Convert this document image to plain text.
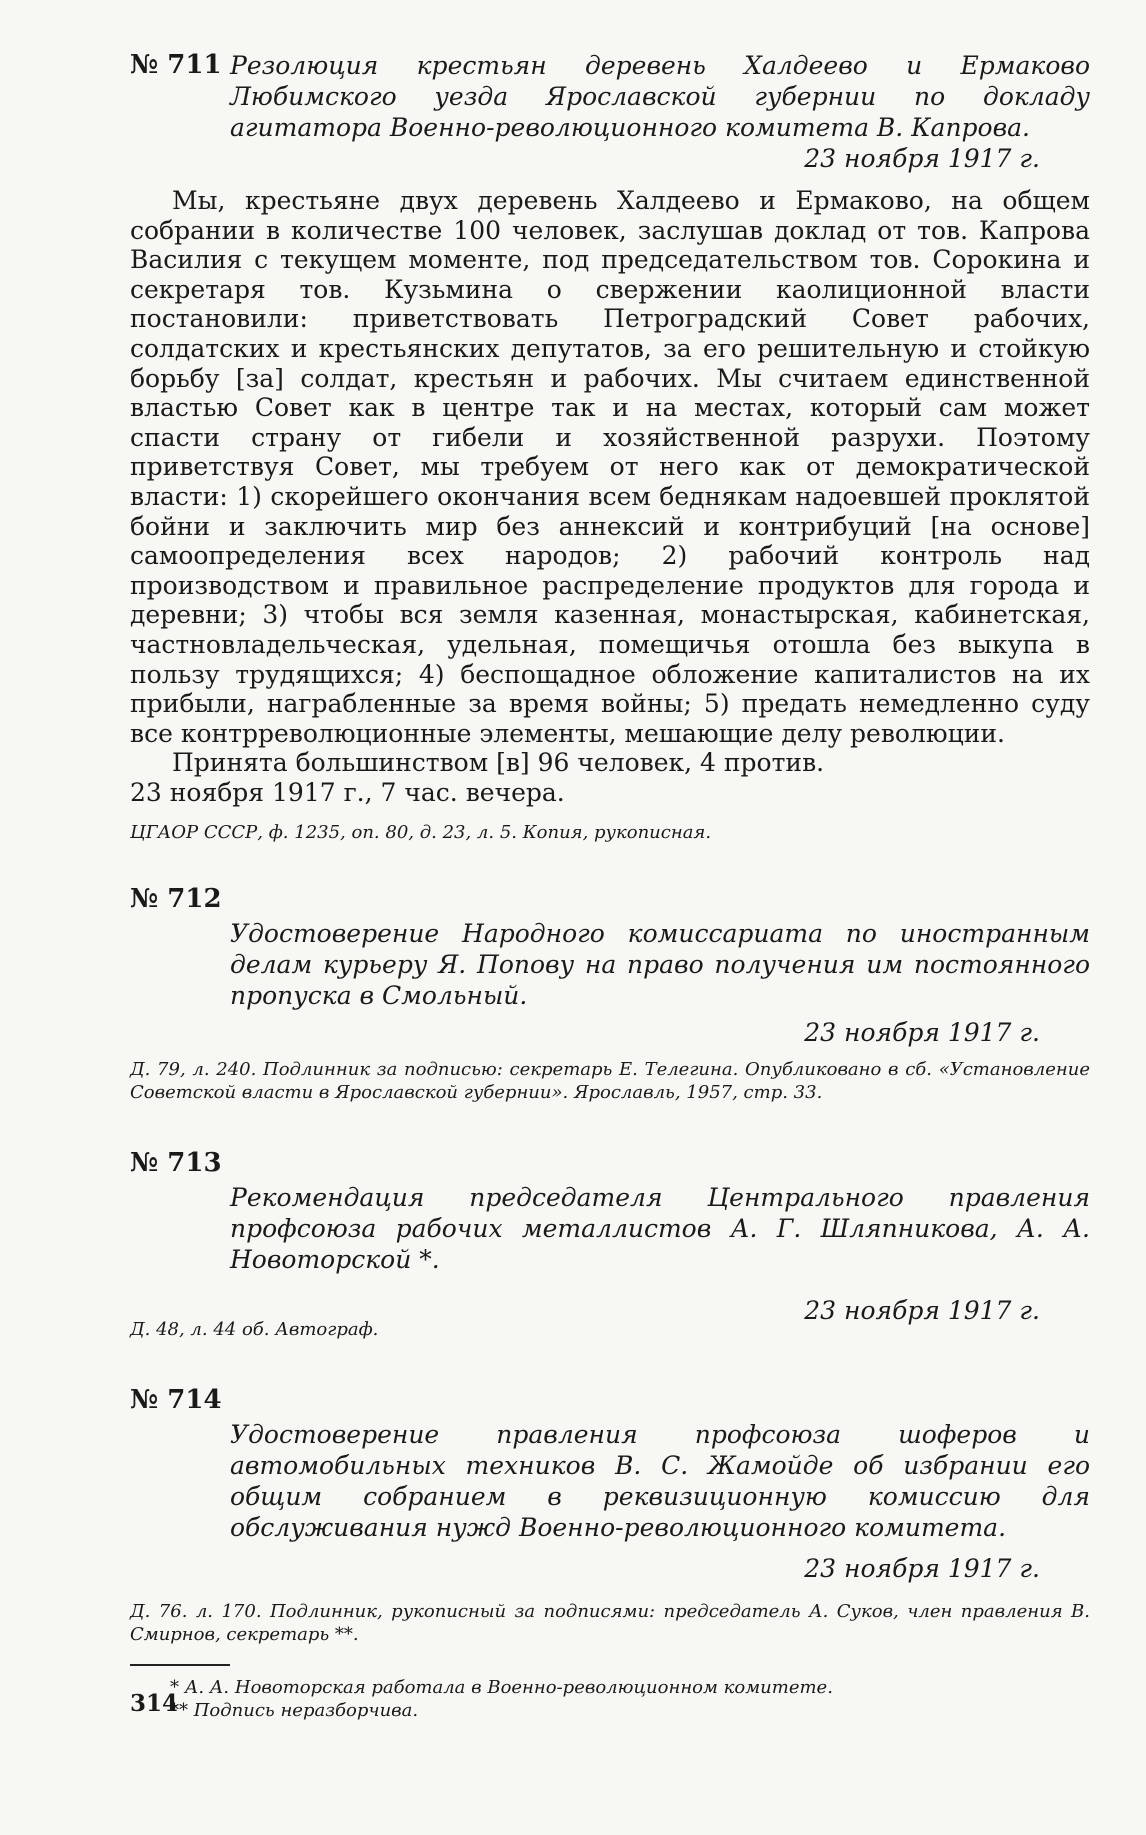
№ 711 Резолюция крестьян деревень Халдеево и Ермаково Любимского уезда Ярославской губернии по докладу агитатора Военно-революционного комитета В. Капрова.
23 ноября 1917 г.

Мы, крестьяне двух деревень Халдеево и Ермаково, на общем собрании в количестве 100 человек, заслушав доклад от тов. Капрова Василия с текущем моменте, под председательством тов. Сорокина и секретаря тов. Кузьмина о свержении каолиционной власти постановили: приветствовать Петроградский Совет рабочих, солдатских и крестьянских депутатов, за его решительную и стойкую борьбу [за] солдат, крестьян и рабочих. Мы считаем единственной властью Совет как в центре так и на местах, который сам может спасти страну от гибели и хозяйственной разрухи. Поэтому приветствуя Совет, мы требуем от него как от демократической власти: 1) скорейшего окончания всем беднякам надоевшей проклятой бойни и заключить мир без аннексий и контрибуций [на основе] самоопределения всех народов; 2) рабочий контроль над производством и правильное распределение продуктов для города и деревни; 3) чтобы вся земля казенная, монастырская, кабинетская, частновладельческая, удельная, помещичья отошла без выкупа в пользу трудящихся; 4) беспощадное обложение капиталистов на их прибыли, награбленные за время войны; 5) предать немедленно суду все контрреволюционные элементы, мешающие делу революции.

Принята большинством [в] 96 человек, 4 против.

23 ноября 1917 г., 7 час. вечера.
ЦГАОР СССР, ф. 1235, оп. 80, д. 23, л. 5. Копия, рукописная.
№ 712
Удостоверение Народного комиссариата по иностранным делам курьеру Я. Попову на право получения им постоянного пропуска в Смольный.
23 ноября 1917 г.
Д. 79, л. 240. Подлинник за подписью: секретарь Е. Телегина. Опубликовано в сб. «Установление Советской власти в Ярославской губернии». Ярославль, 1957, стр. 33.
№ 713
Рекомендация председателя Центрального правления профсоюза рабочих металлистов А. Г. Шляпникова, А. А. Новоторской *.
23 ноября 1917 г.
Д. 48, л. 44 об. Автограф.
№ 714
Удостоверение правления профсоюза шоферов и автомобильных техников В. С. Жамойде об избрании его общим собранием в реквизиционную комиссию для обслуживания нужд Военно-революционного комитета.
23 ноября 1917 г.
Д. 76. л. 170. Подлинник, рукописный за подписями: председатель А. Суков, член правления В. Смирнов, секретарь **.
* А. А. Новоторская работала в Военно-революционном комитете.
** Подпись неразборчива.
314
